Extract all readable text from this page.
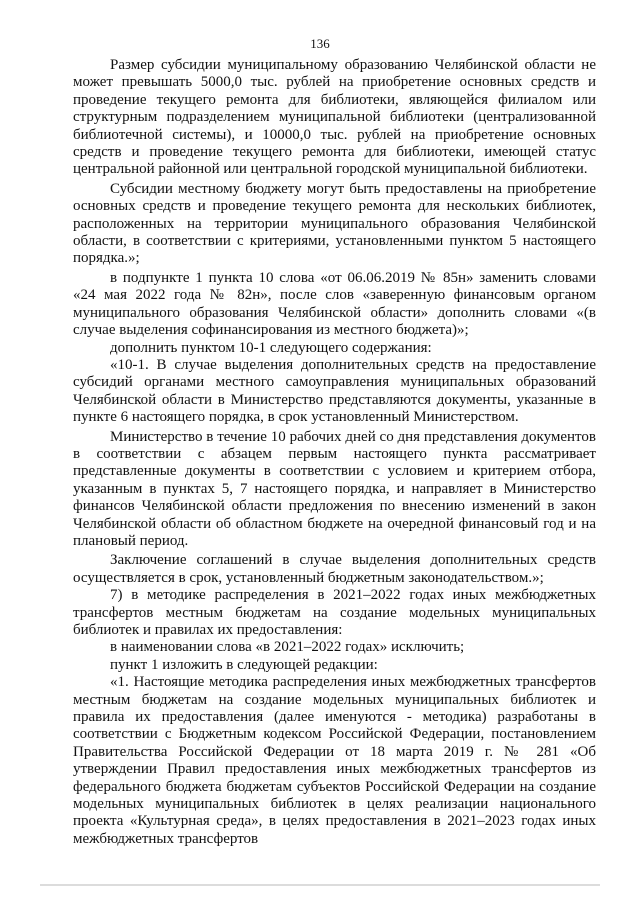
136

Размер субсидии муниципальному образованию Челябинской области не может превышать 5000,0 тыс. рублей на приобретение основных средств и проведение текущего ремонта для библиотеки, являющейся филиалом или структурным подразделением муниципальной библиотеки (централизованной библиотечной системы), и 10000,0 тыс. рублей на приобретение основных средств и проведение текущего ремонта для библиотеки, имеющей статус центральной районной или центральной городской муниципальной библиотеки.

Субсидии местному бюджету могут быть предоставлены на приобретение основных средств и проведение текущего ремонта для нескольких библиотек, расположенных на территории муниципального образования Челябинской области, в соответствии с критериями, установленными пунктом 5 настоящего порядка.»;

в подпункте 1 пункта 10 слова «от 06.06.2019 № 85н» заменить словами «24 мая 2022 года № 82н», после слов «заверенную финансовым органом муниципального образования Челябинской области» дополнить словами «(в случае выделения софинансирования из местного бюджета)»;

дополнить пунктом 10-1 следующего содержания:

«10-1. В случае выделения дополнительных средств на предоставление субсидий органами местного самоуправления муниципальных образований Челябинской области в Министерство представляются документы, указанные в пункте 6 настоящего порядка, в срок установленный Министерством.

Министерство в течение 10 рабочих дней со дня представления документов в соответствии с абзацем первым настоящего пункта рассматривает представленные документы в соответствии с условием и критерием отбора, указанным в пунктах 5, 7 настоящего порядка, и направляет в Министерство финансов Челябинской области предложения по внесению изменений в закон Челябинской области об областном бюджете на очередной финансовый год и на плановый период.

Заключение соглашений в случае выделения дополнительных средств осуществляется в срок, установленный бюджетным законодательством.»;

7) в методике распределения в 2021–2022 годах иных межбюджетных трансфертов местным бюджетам на создание модельных муниципальных библиотек и правилах их предоставления:

в наименовании слова «в 2021–2022 годах» исключить;

пункт 1 изложить в следующей редакции:

«1. Настоящие методика распределения иных межбюджетных трансфертов местным бюджетам на создание модельных муниципальных библиотек и правила их предоставления (далее именуются - методика) разработаны в соответствии с Бюджетным кодексом Российской Федерации, постановлением Правительства Российской Федерации от 18 марта 2019 г. № 281 «Об утверждении Правил предоставления иных межбюджетных трансфертов из федерального бюджета бюджетам субъектов Российской Федерации на создание модельных муниципальных библиотек в целях реализации национального проекта «Культурная среда», в целях предоставления в 2021–2023 годах иных межбюджетных трансфертов
